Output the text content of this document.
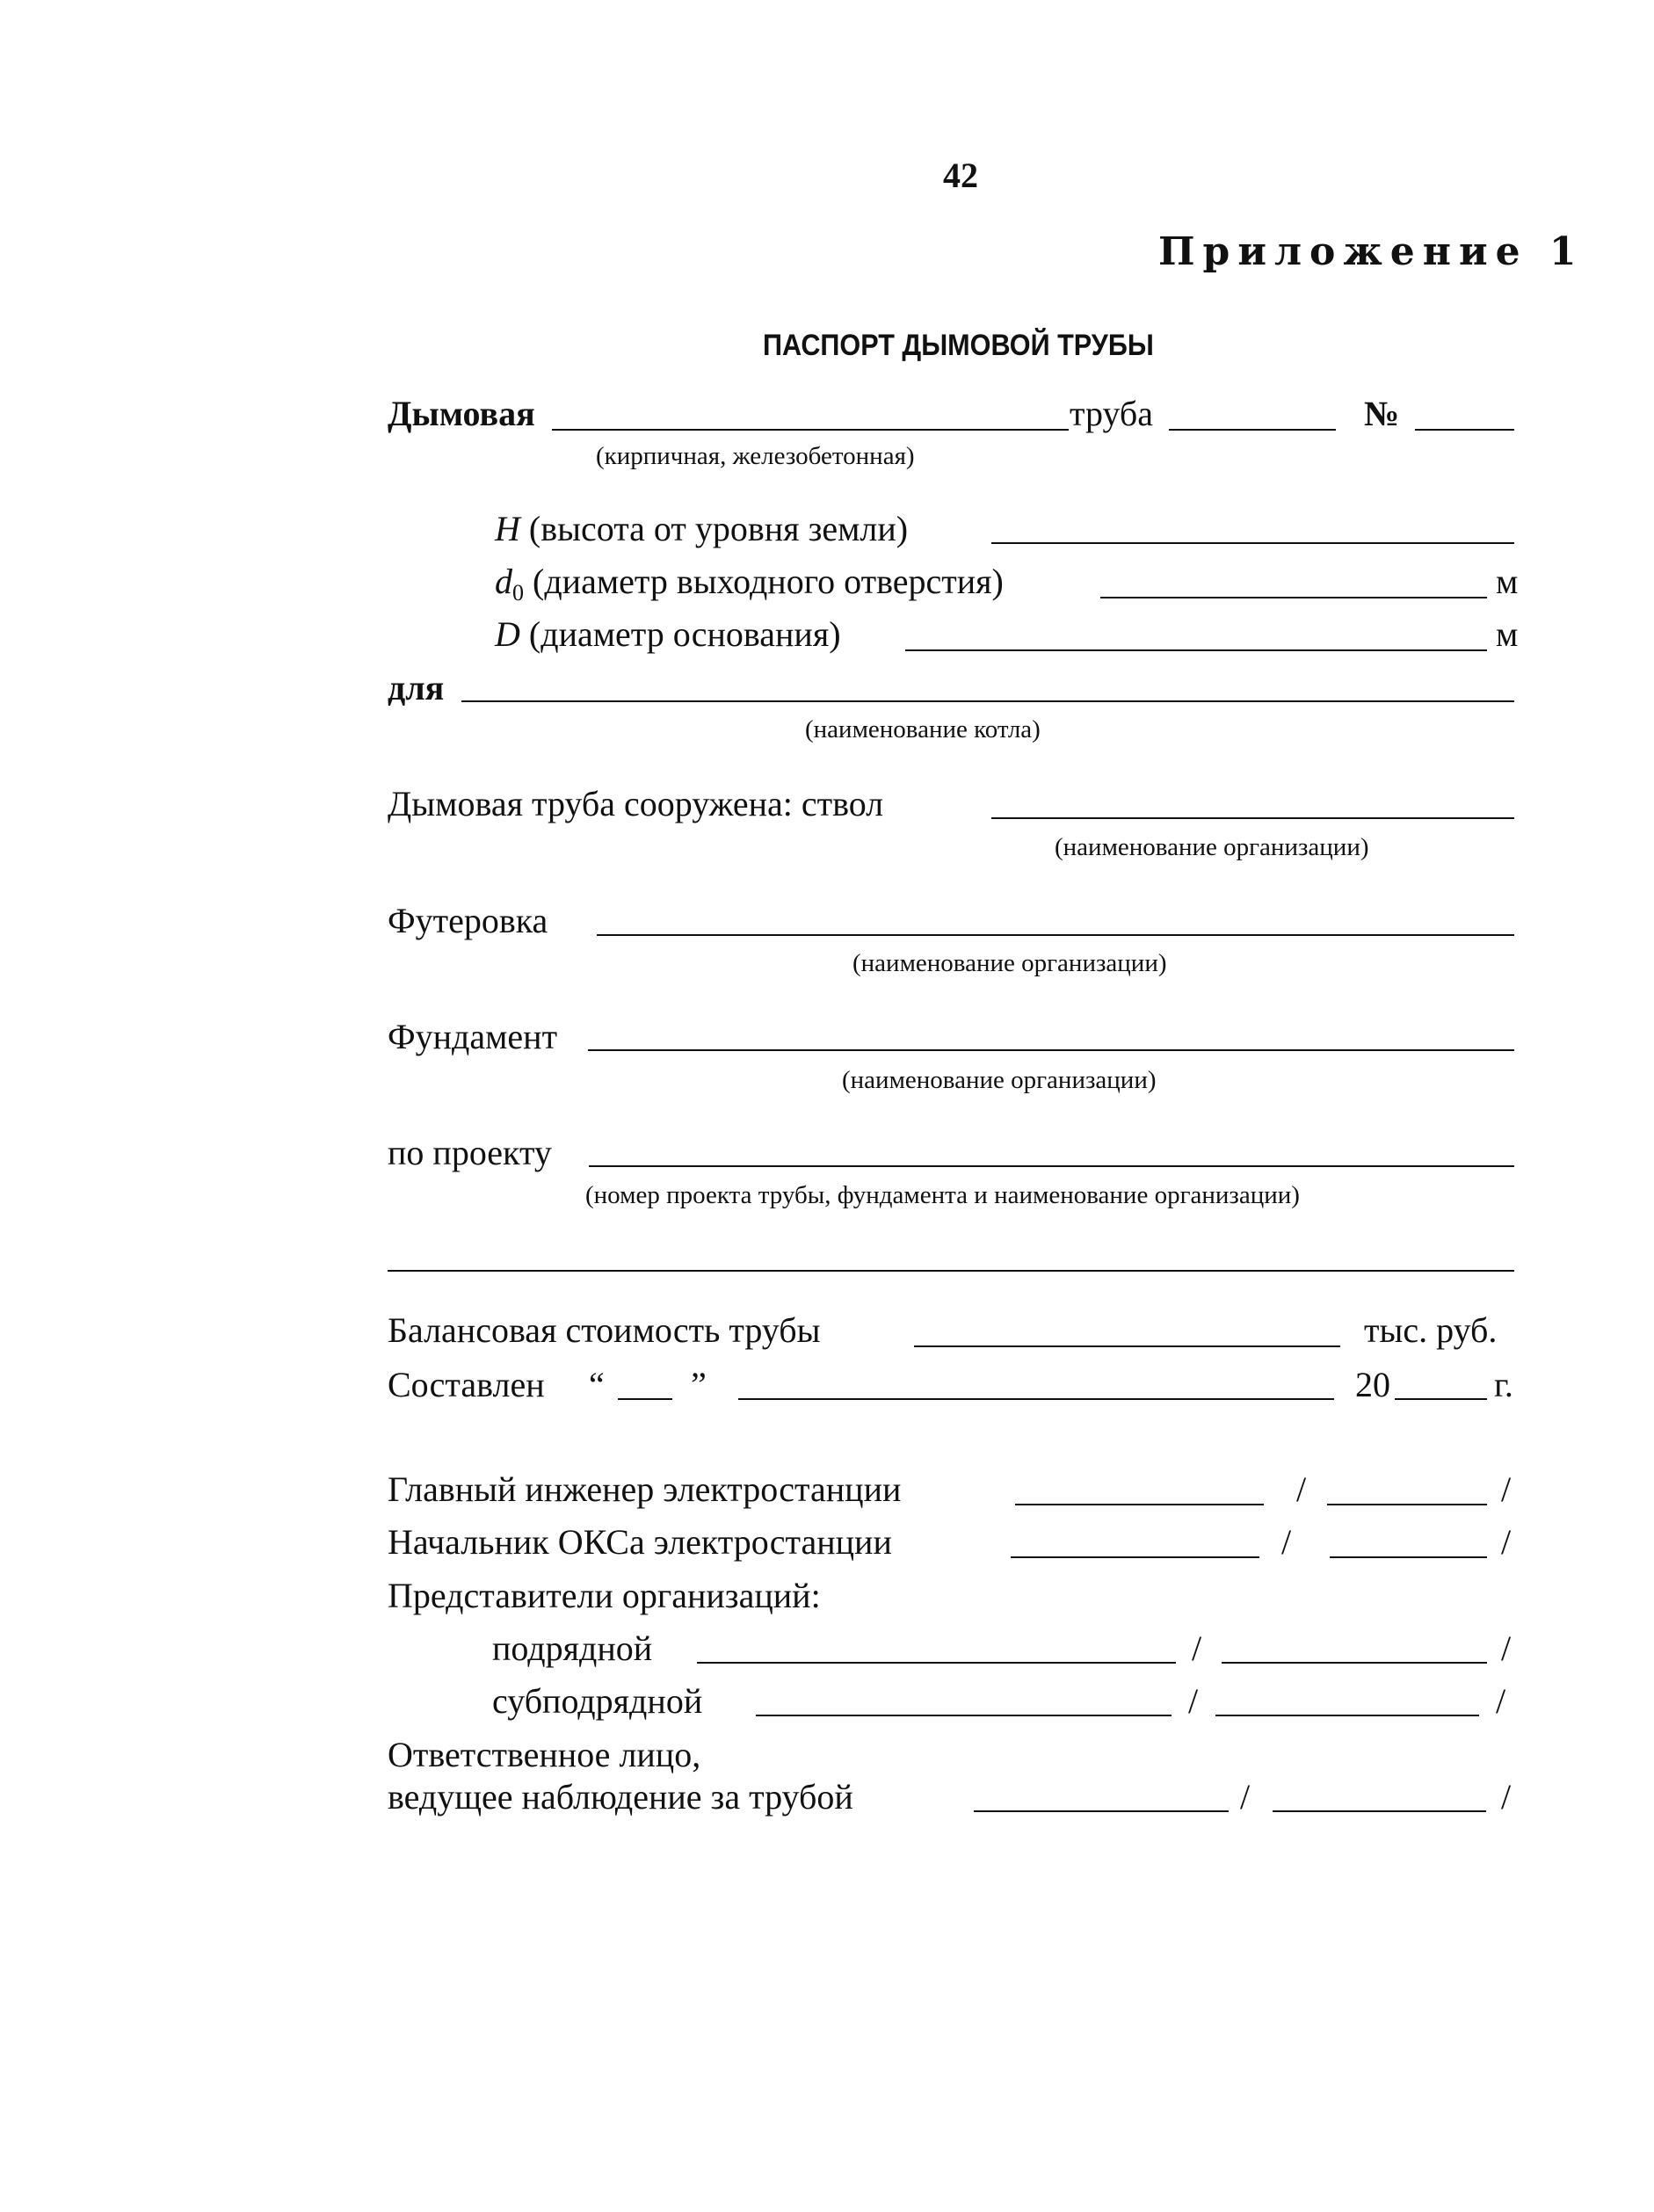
42
Приложение 1
ПАСПОРТ ДЫМОВОЙ ТРУБЫ
Дымовая	труба	№
(кирпичная, железобетонная)
H (высота от уровня земли)
$d_0$ (диаметр выходного отверстия)	м
D (диаметр основания)	м
для
(наименование котла)
Дымовая труба сооружена: ствол
(наименование организации)
Футеровка
(наименование организации)
Фундамент
(наименование организации)
по проекту
(номер проекта трубы, фундамента и наименование организации)
Балансовая стоимость трубы	тыс. руб.
Составлен “ ”	20	г.
Главный инженер электростанции	/	/
Начальник ОКСа электростанции	/	/
Представители организаций:
подрядной	/	/
субподрядной	/	/
Ответственное лицо,
ведущее наблюдение за трубой	/	/
